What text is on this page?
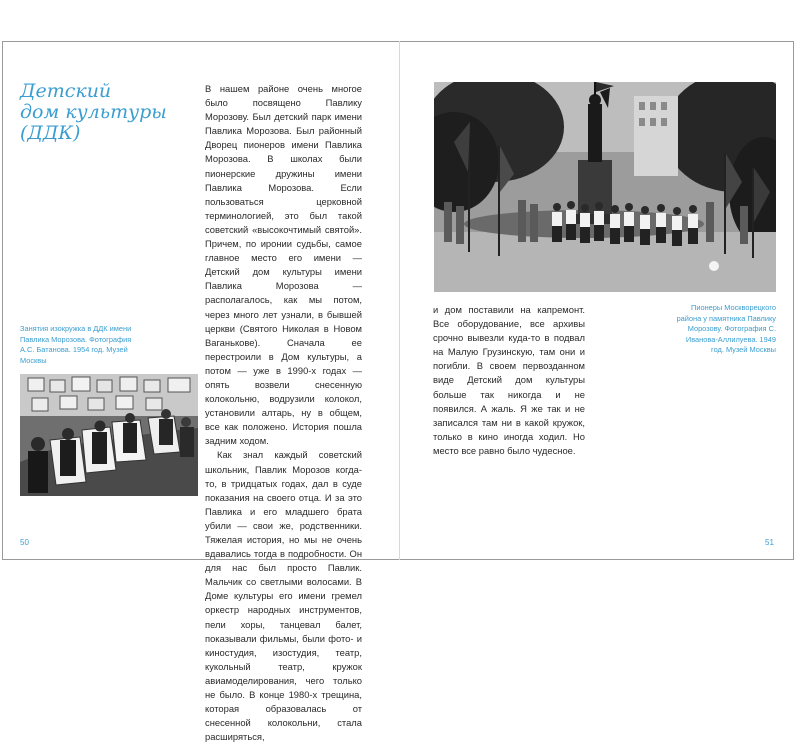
Детский
дом культуры
(ДДК)
Занятия изокружка в ДДК имени Павлика Морозова. Фотография А.С. Батанова. 1954 год. Музей Москвы

В нашем районе очень многое было посвящено Павлику Морозову. Был детский парк имени Павлика Морозова. Был районный Дворец пионеров имени Павлика Морозова. В школах были пионерские дружины имени Павлика Морозова. Если пользоваться церковной терминологией, это был такой советский «высокочтимый святой». Причем, по иронии судьбы, самое главное место его имени — Детский дом культуры имени Павлика Морозова — располагалось, как мы потом, через много лет узнали, в бывшей церкви (Святого Николая в Новом Ваганькове). Сначала ее перестроили в Дом культуры, а потом — уже в 1990-х годах — опять возвели снесенную колокольню, водрузили колокол, установили алтарь, ну в общем, все как положено. История пошла задним ходом.

Как знал каждый советский школьник, Павлик Морозов когда-то, в тридцатых годах, дал в суде показания на своего отца. И за это Павлика и его младшего брата убили — свои же, родственники. Тяжелая история, но мы не очень вдавались тогда в подробности. Он для нас был просто Павлик. Мальчик со светлыми волосами. В Доме культуры его имени гремел оркестр народных инструментов, пели хоры, танцевал балет, показывали фильмы, были фото- и киностудия, изостудия, театр, кукольный театр, кружок авиамоделирования, чего только не было. В конце 1980-х трещина, которая образовалась от снесенной колокольни, стала расширяться,

50
Пионеры Москворецкого района у памятника Павлику Морозову. Фотография С. Иванова-Аллилуева. 1949 год. Музей Москвы

и дом поставили на капремонт. Все оборудование, все архивы срочно вывезли куда-то в подвал на Малую Грузинскую, там они и погибли. В своем первозданном виде Детский дом культуры больше так никогда и не появился. А жаль. Я же так и не записался там ни в какой кружок, только в кино иногда ходил. Но место все равно было чудесное.

51
